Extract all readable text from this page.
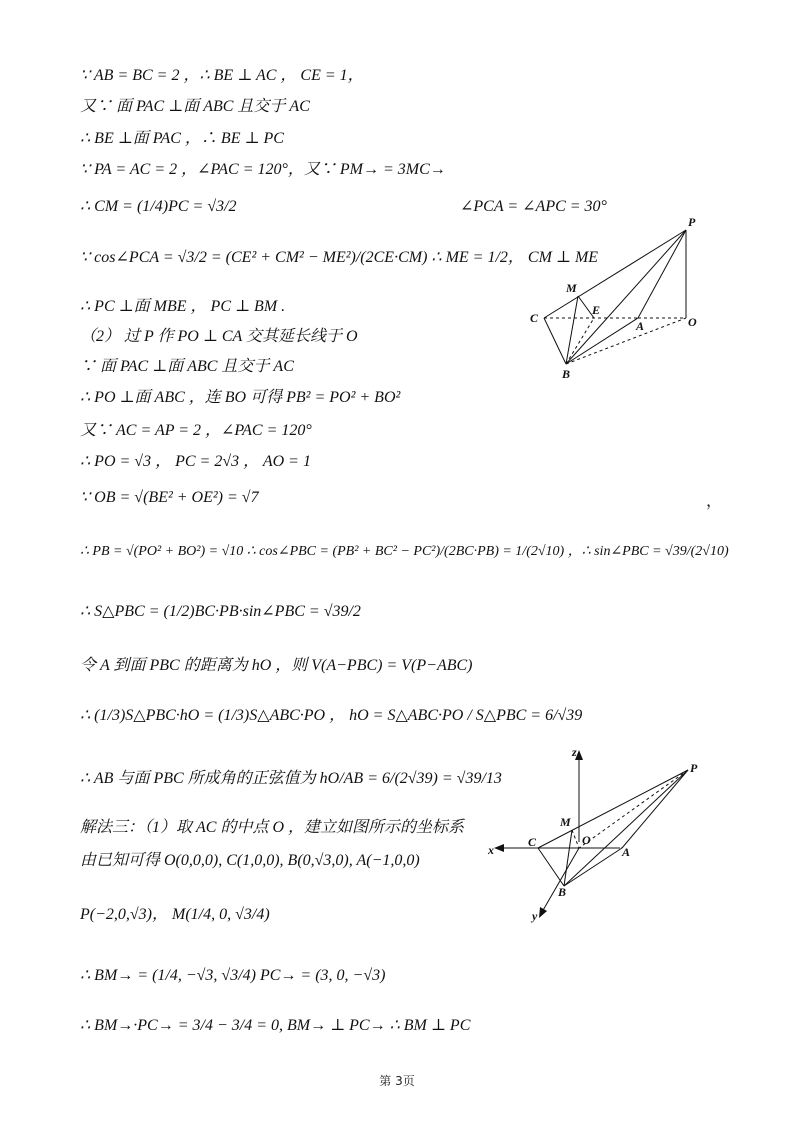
∵ AB = BC = 2 ，∴ BE ⊥ AC ， CE = 1，
又∵ 面 PAC ⊥面 ABC 且交于 AC
∴ BE ⊥面 PAC ，∴ BE ⊥ PC
∵ PA = AC = 2 ，∠PAC = 120°，又∵ PM→ = 3MC→
∴ CM = (1/4)PC = √3/2	∠PCA = ∠APC = 30°
∵ cos∠PCA = √3/2 = (CE² + CM² − ME²)/(2CE·CM) ∴ ME = 1/2， CM ⊥ ME
∴ PC ⊥面 MBE ， PC ⊥ BM .
（2） 过 P 作 PO ⊥ CA 交其延长线于 O
∵ 面 PAC ⊥面 ABC 且交于 AC
∴ PO ⊥面 ABC ，连 BO 可得 PB² = PO² + BO²
又∵ AC = AP = 2 ，∠PAC = 120°
∴ PO = √3 ， PC = 2√3 ， AO = 1
∵ OB = √(BE² + OE²) = √7	，
∴ PB = √(PO² + BO²) = √10 ∴ cos∠PBC = (PB² + BC² − PC²)/(2BC·PB) = 1/(2√10) ，∴ sin∠PBC = √39/(2√10)
∴ S△PBC = (1/2)BC·PB·sin∠PBC = √39/2
令 A 到面 PBC 的距离为 hO ，则 V(A−PBC) = V(P−ABC)
∴ (1/3)S△PBC·hO = (1/3)S△ABC·PO ， hO = S△ABC·PO / S△PBC = 6/√39
∴ AB 与面 PBC 所成角的正弦值为 hO/AB = 6/(2√39) = √39/13
解法三：（1）取 AC 的中点 O ，建立如图所示的坐标系
由已知可得 O(0,0,0), C(1,0,0), B(0,√3,0), A(−1,0,0)
P(−2,0,√3)， M(1/4, 0, √3/4)
∴ BM→ = (1/4, −√3, √3/4) PC→ = (3, 0, −√3)
∴ BM→·PC→ = 3/4 − 3/4 = 0, BM→ ⊥ PC→ ∴ BM ⊥ PC
P
M
C
E
A	O
B
z
P
M
x
C	O
A
B
y
第 3页
